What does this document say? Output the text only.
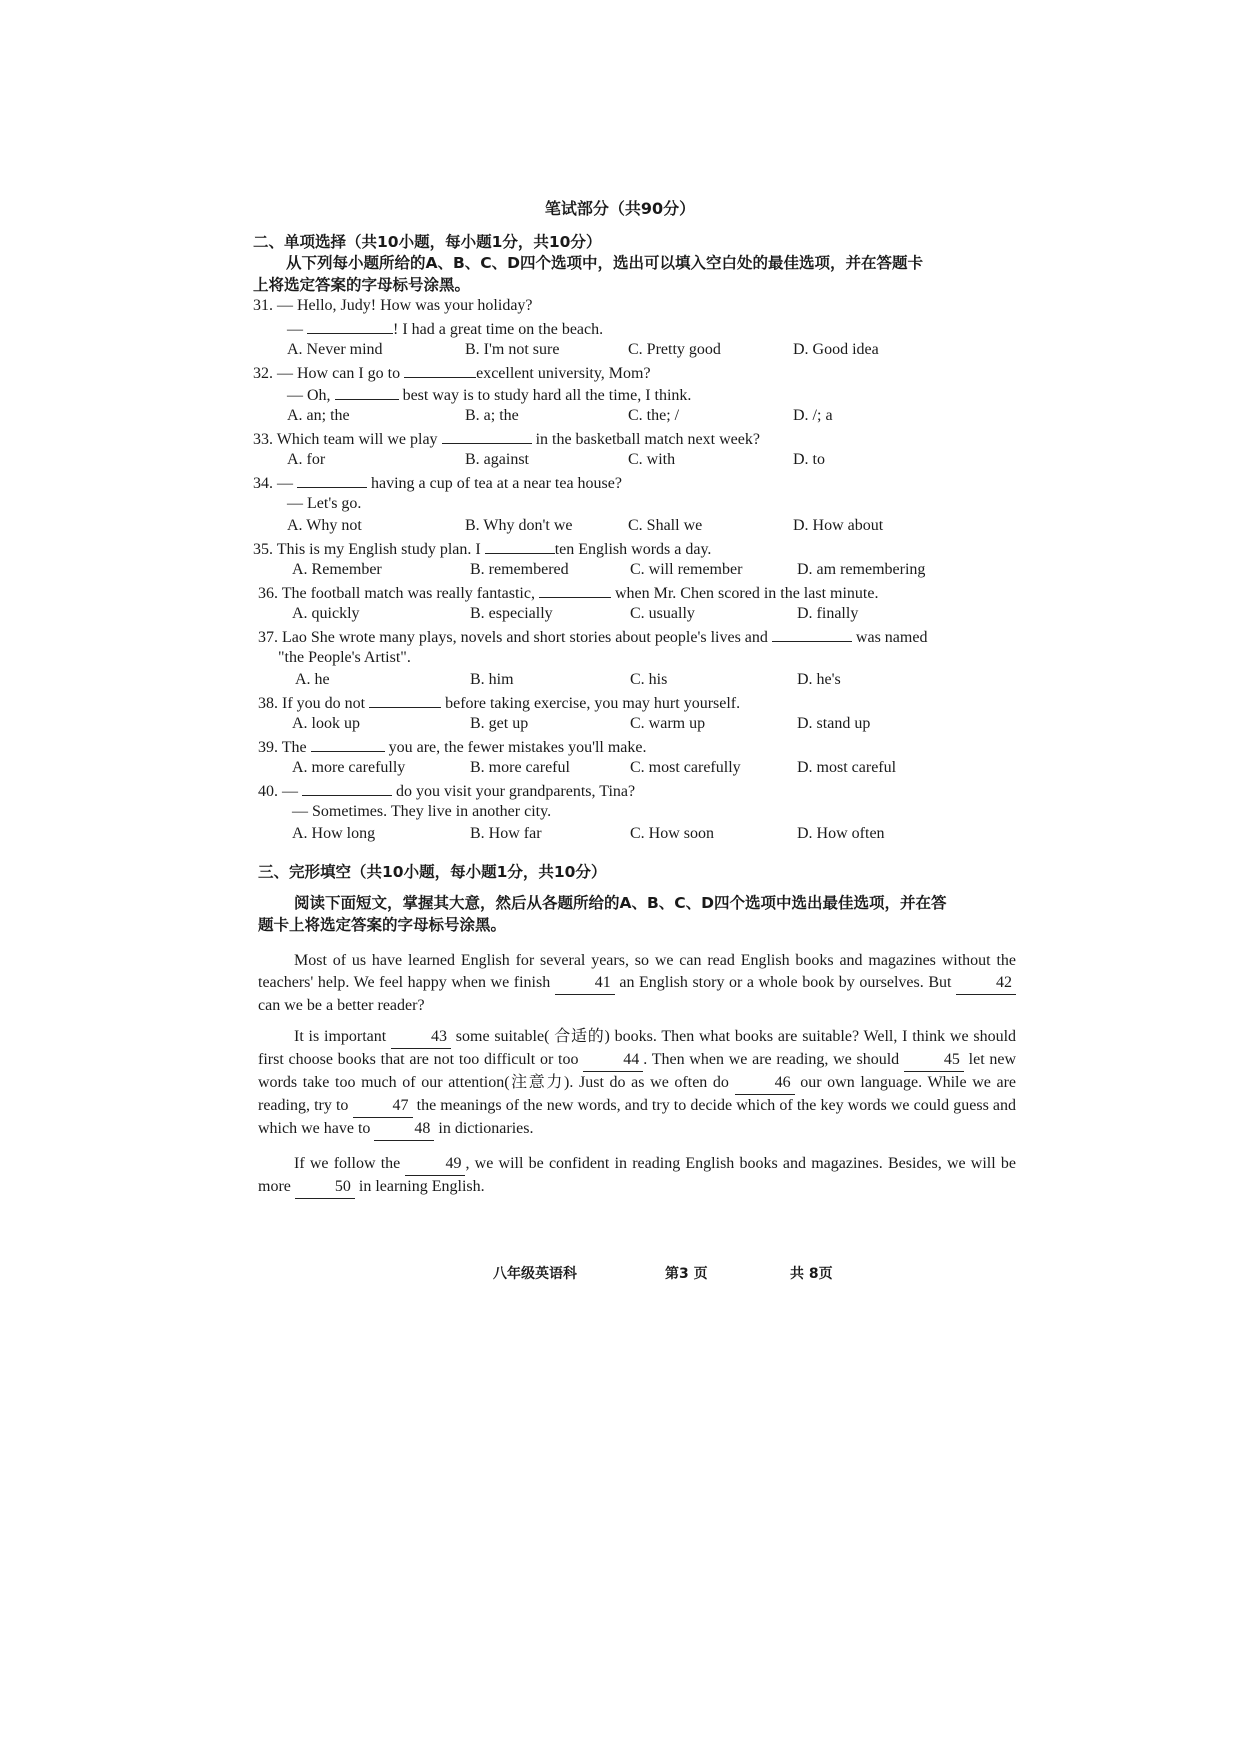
笔试部分（共90分）
二、单项选择（共10小题，每小题1分，共10分）
从下列每小题所给的A、B、C、D四个选项中，选出可以填入空白处的最佳选项，并在答题卡
上将选定答案的字母标号涂黑。
31. — Hello, Judy! How was your holiday?
—	! I had a great time on the beach.
A. Never mind	B. I'm not sure	C. Pretty good	D. Good idea
32. — How can I go to	excellent university, Mom?
— Oh,	best way is to study hard all the time, I think.
A. an; the	B. a; the	C. the; /	D. /; a
33. Which team will we play	in the basketball match next week?
A. for	B. against	C. with	D. to
34. —	having a cup of tea at a near tea house?
— Let's go.
A. Why not	B. Why don't we	C. Shall we	D. How about
35. This is my English study plan. I	ten English words a day.
A. Remember	B. remembered	C. will remember	D. am remembering
36. The football match was really fantastic,	when Mr. Chen scored in the last minute.
A. quickly	B. especially	C. usually	D. finally
37. Lao She wrote many plays, novels and short stories about people's lives and	was named
"the People's Artist".
A. he	B. him	C. his	D. he's
38. If you do not	before taking exercise, you may hurt yourself.
A. look up	B. get up	C. warm up	D. stand up
39. The	you are, the fewer mistakes you'll make.
A. more carefully	B. more careful	C. most carefully	D. most careful
40. —	do you visit your grandparents, Tina?
— Sometimes. They live in another city.
A. How long	B. How far	C. How soon	D. How often
三、完形填空（共10小题，每小题1分，共10分）
阅读下面短文，掌握其大意，然后从各题所给的A、B、C、D四个选项中选出最佳选项，并在答
题卡上将选定答案的字母标号涂黑。

Most of us have learned English for several years, so we can read English books and magazines without the teachers' help. We feel happy when we finish	41 an English story or a whole book by ourselves. But	42 can we be a better reader?

It is important	43 some suitable( 合适的) books. Then what books are suitable? Well, I think we should first choose books that are not too difficult or too	44 . Then when we are reading, we should	45 let new words take too much of our attention(注意力). Just do as we often do	46 our own language. While we are reading, try to	47 the meanings of the new words, and try to decide which of the key words we could guess and which we have to	48 in dictionaries.

If we follow the	49 , we will be confident in reading English books and magazines. Besides, we will be more	50 in learning English.

八年级英语科	第3 页	共 8页
